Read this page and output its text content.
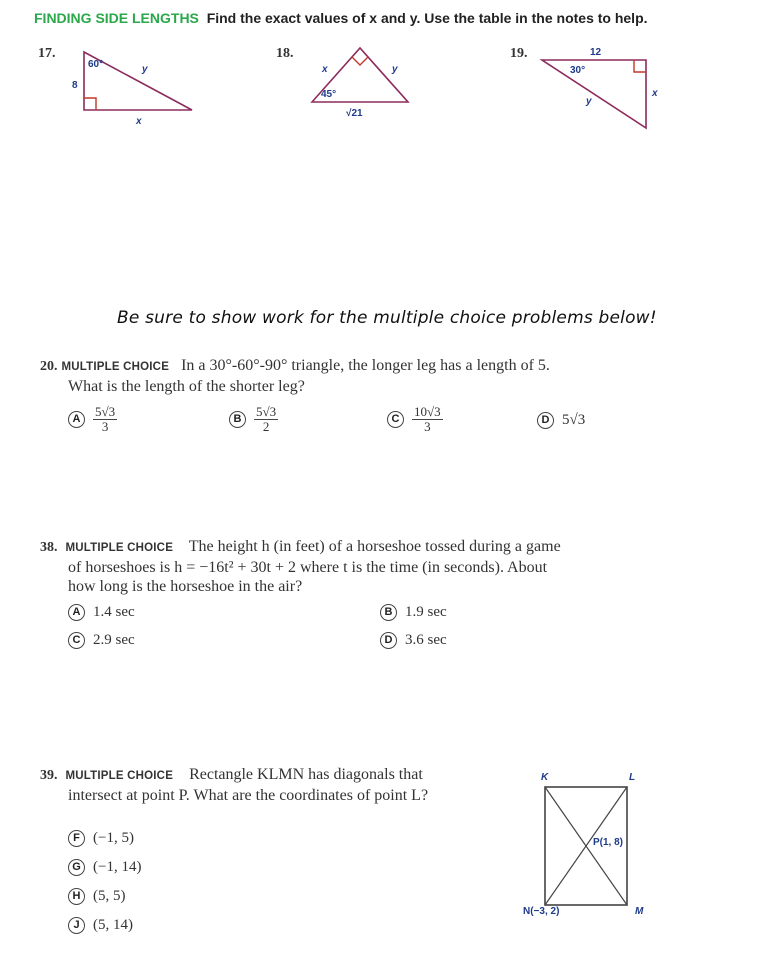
FINDING SIDE LENGTHS Find the exact values of x and y. Use the table in the notes to help.
17.
60°
8
y
x
18.
45°
x	y
√21
19.	12
30°
x
y
Be sure to show work for the multiple choice problems below!
20. MULTIPLE CHOICE In a 30°-60°-90° triangle, the longer leg has a length of 5.
What is the length of the shorter leg?
A $\frac{5√3}{3}$	B $\frac{5√3}{2}$	C $\frac{10√3}{3}$	D 5√3
38. MULTIPLE CHOICE The height h (in feet) of a horseshoe tossed during a game
of horseshoes is h = −16t² + 30t + 2 where t is the time (in seconds). About
how long is the horseshoe in the air?
A 1.4 sec	B 1.9 sec
C 2.9 sec	D 3.6 sec
39. MULTIPLE CHOICE Rectangle KLMN has diagonals that
intersect at point P. What are the coordinates of point L?
F (−1, 5)
G (−1, 14)
H (5, 5)
J (5, 14)
K	L
M
N(−3, 2)
P(1, 8)
